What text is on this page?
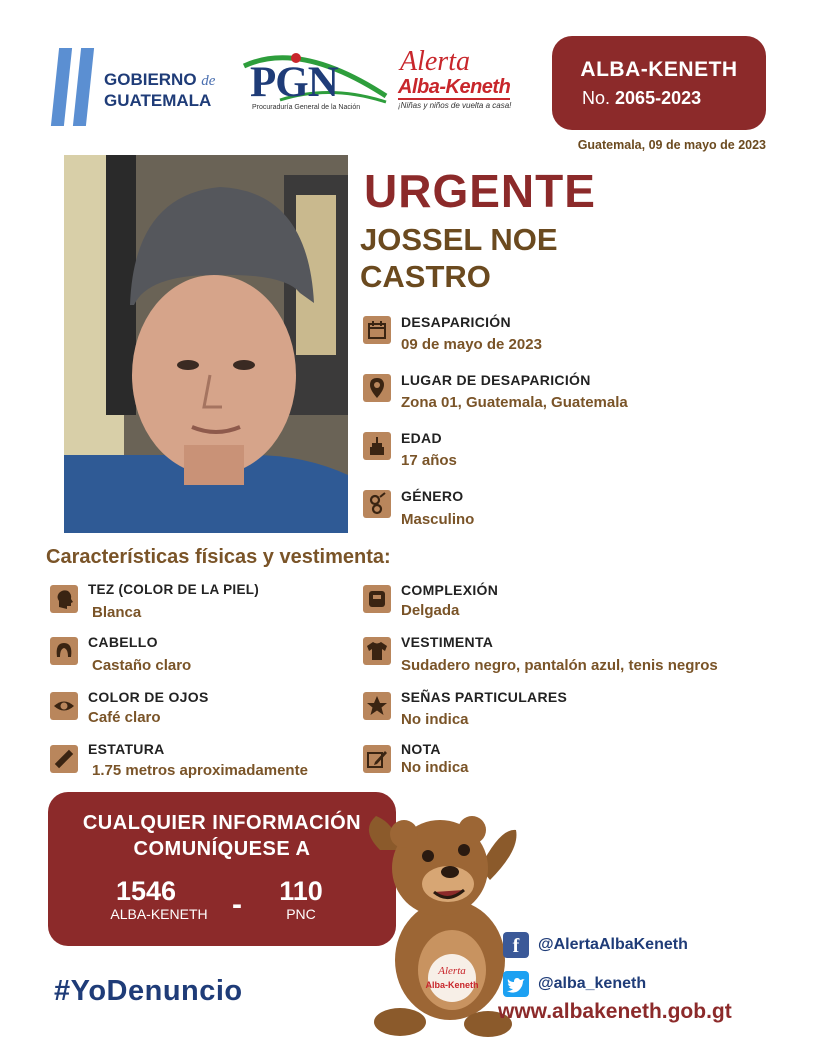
GOBIERNO de
GUATEMALA PGN
Procuraduría General de la Nación
Alerta
Alba-Keneth
¡Niñas y niños de vuelta a casa!
ALBA-KENETH
No. 2065-2023
Guatemala, 09 de mayo de 2023
URGENTE
JOSSEL NOE
CASTRO
DESAPARICIÓN
09 de mayo de 2023
LUGAR DE DESAPARICIÓN
Zona 01, Guatemala, Guatemala
EDAD
17 años
GÉNERO
Masculino
Características físicas y vestimenta:
TEZ (COLOR DE LA PIEL)
Blanca
CABELLO
Castaño claro
COLOR DE OJOS
Café claro
ESTATURA
1.75 metros aproximadamente
COMPLEXIÓN
Delgada
VESTIMENTA
Sudadero negro, pantalón azul, tenis negros
SEÑAS PARTICULARES
No indica
NOTA
No indica
CUALQUIER INFORMACIÓN
COMUNÍQUESE A
1546
ALBA-KENETH -	110
PNC
#YoDenuncio
Alerta
Alba-Keneth
f	@AlertaAlbaKeneth
@alba_keneth
www.albakeneth.gob.gt
